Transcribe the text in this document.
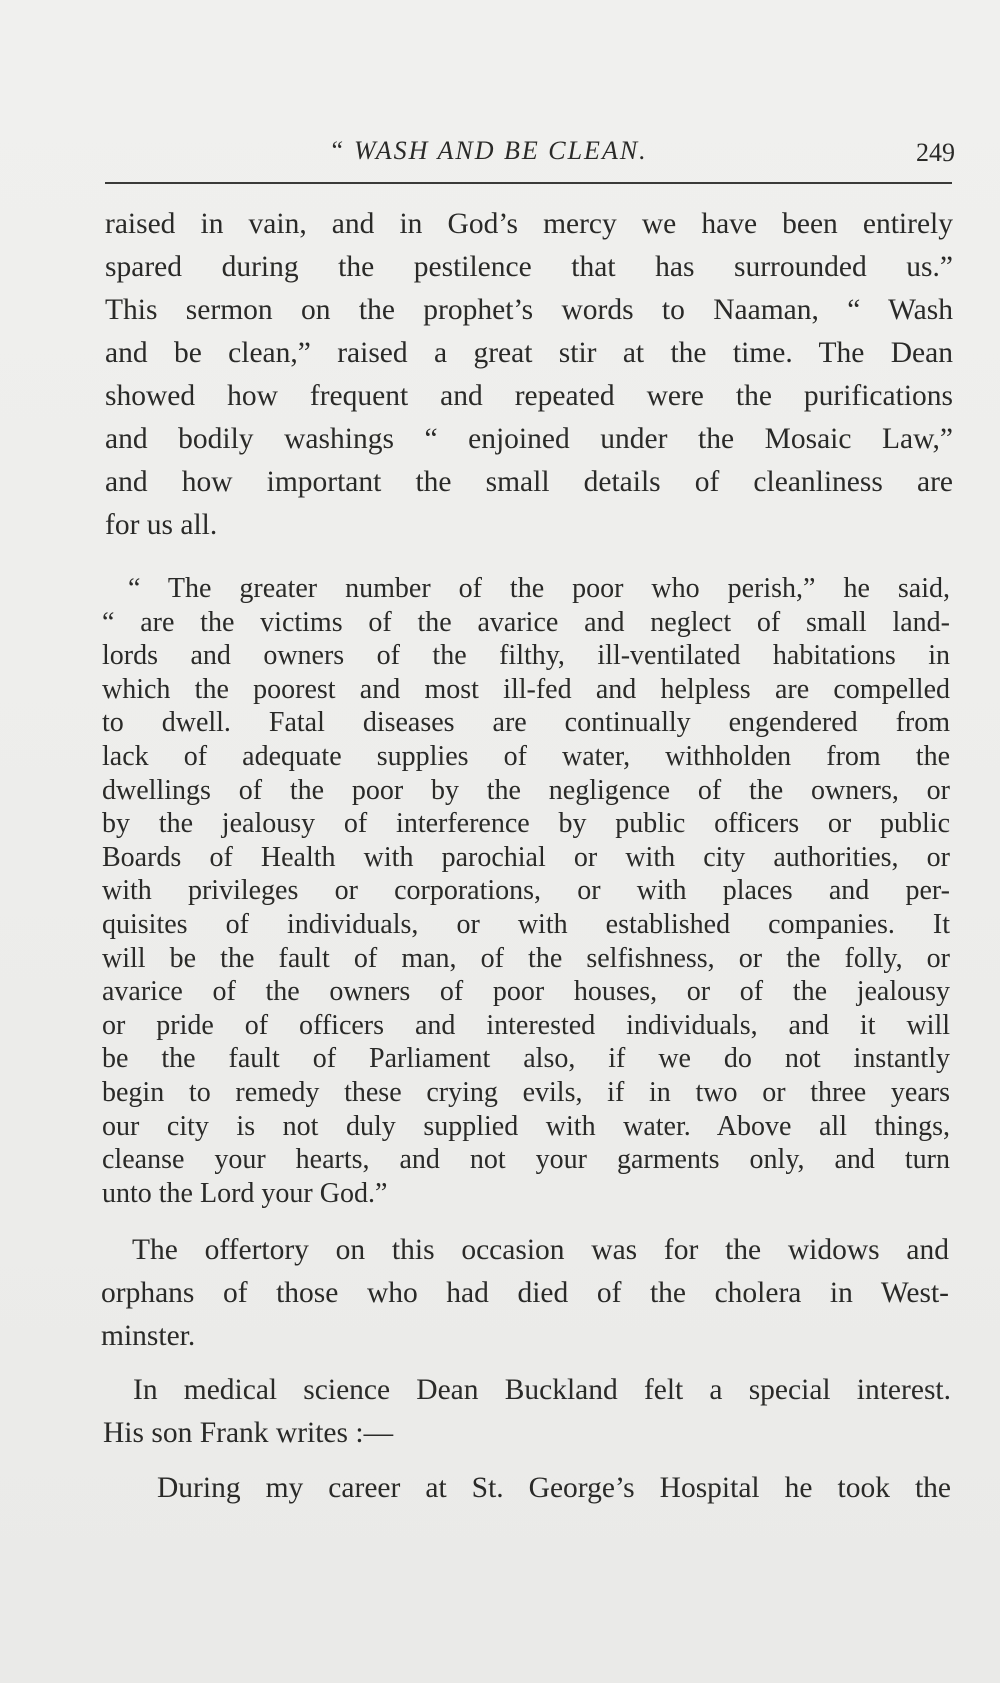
“ WASH AND BE CLEAN.	249
raised in vain, and in God’s mercy we have been entirely
spared during the pestilence that has surrounded us.”
This sermon on the prophet’s words to Naaman, “ Wash
and be clean,” raised a great stir at the time. The Dean
showed how frequent and repeated were the purifications
and bodily washings “ enjoined under the Mosaic Law,”
and how important the small details of cleanliness are
for us all.
“ The greater number of the poor who perish,” he said,
“ are the victims of the avarice and neglect of small land-
lords and owners of the filthy, ill-ventilated habitations in
which the poorest and most ill-fed and helpless are compelled
to dwell. Fatal diseases are continually engendered from
lack of adequate supplies of water, withholden from the
dwellings of the poor by the negligence of the owners, or
by the jealousy of interference by public officers or public
Boards of Health with parochial or with city authorities, or
with privileges or corporations, or with places and per-
quisites of individuals, or with established companies. It
will be the fault of man, of the selfishness, or the folly, or
avarice of the owners of poor houses, or of the jealousy
or pride of officers and interested individuals, and it will
be the fault of Parliament also, if we do not instantly
begin to remedy these crying evils, if in two or three years
our city is not duly supplied with water. Above all things,
cleanse your hearts, and not your garments only, and turn
unto the Lord your God.”
The offertory on this occasion was for the widows and
orphans of those who had died of the cholera in West-
minster.
In medical science Dean Buckland felt a special interest.
His son Frank writes :—
During my career at St. George’s Hospital he took the
